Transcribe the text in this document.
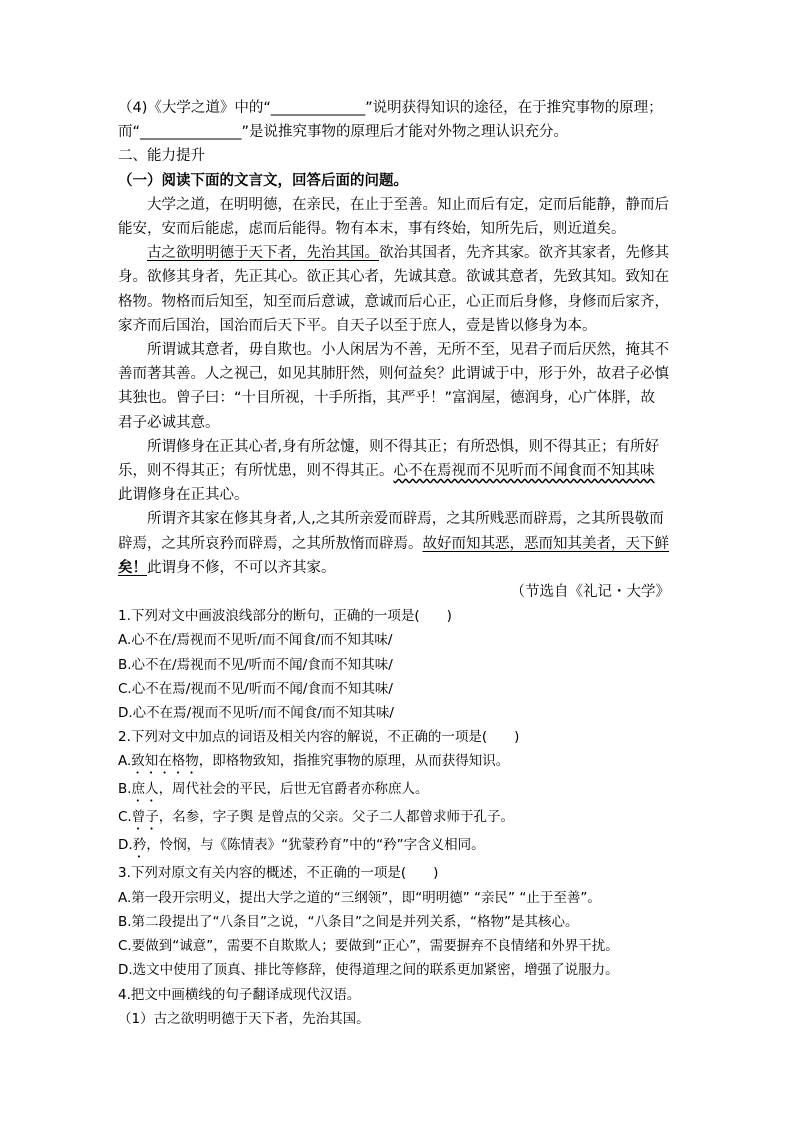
（4)《大学之道》中的“_____________”说明获得知识的途径，在于推究事物的原理；
而“______________”是说推究事物的原理后才能对外物之理认识充分。
二、能力提升
（一）阅读下面的文言文，回答后面的问题。
大学之道，在明明德，在亲民，在止于至善。知止而后有定，定而后能静，静而后
能安，安而后能虑，虑而后能得。物有本末，事有终始，知所先后，则近道矣。
古之欲明明德于天下者，先治其国。欲治其国者，先齐其家。欲齐其家者，先修其
身。欲修其身者，先正其心。欲正其心者，先诚其意。欲诚其意者，先致其知。致知在
格物。物格而后知至，知至而后意诚，意诚而后心正，心正而后身修，身修而后家齐，
家齐而后国治，国治而后天下平。自天子以至于庶人，壹是皆以修身为本。
所谓诚其意者，毋自欺也。小人闲居为不善，无所不至，见君子而后厌然，掩其不
善而著其善。人之视己，如见其肺肝然，则何益矣？此谓诚于中，形于外，故君子必慎
其独也。曾子曰：“十目所视，十手所指，其严乎！”富润屋，德润身，心广体胖，故
君子必诚其意。
所谓修身在正其心者,身有所忿懥，则不得其正；有所恐惧，则不得其正；有所好
乐，则不得其正；有所忧患，则不得其正。心不在焉视而不见听而不闻食而不知其味
此谓修身在正其心。
所谓齐其家在修其身者,人,之其所亲爱而辟焉，之其所贱恶而辟焉，之其所畏敬而
辟焉，之其所哀矜而辟焉，之其所敖惰而辟焉。故好而知其恶，恶而知其美者，天下鲜
矣！此谓身不修，不可以齐其家。
（节选自《礼记・大学》
1.下列对文中画波浪线部分的断句，正确的一项是(　　)
A.心不在/焉视而不见听/而不闻食/而不知其味/
B.心不在/焉视而不见/听而不闻/食而不知其味/
C.心不在焉/视而不见/听而不闻/食而不知其味/
D.心不在焉/视而不见听/而不闻食/而不知其味/
2.下列对文中加点的词语及相关内容的解说，不正确的一项是(　　)
A.致知在格物，即格物致知，指推究事物的原理，从而获得知识。
B.庶人，周代社会的平民，后世无官爵者亦称庶人。
C.曾子，名参，字子舆 是曾点的父亲。父子二人都曾求师于孔子。
D.矜，怜悯，与《陈情表》“犹蒙矜育”中的“矜”字含义相同。
3.下列对原文有关内容的概述，不正确的一项是(　　)
A.第一段开宗明义，提出大学之道的“三纲领”，即“明明德” “亲民” “止于至善”。
B.第二段提出了“八条目”之说，“八条目”之间是并列关系，“格物”是其核心。
C.要做到“诚意”，需要不自欺欺人；要做到“正心”，需要摒弃不良情绪和外界干扰。
D.选文中使用了顶真、排比等修辞，使得道理之间的联系更加紧密，增强了说服力。
4.把文中画横线的句子翻译成现代汉语。
（1）古之欲明明德于天下者，先治其国。
